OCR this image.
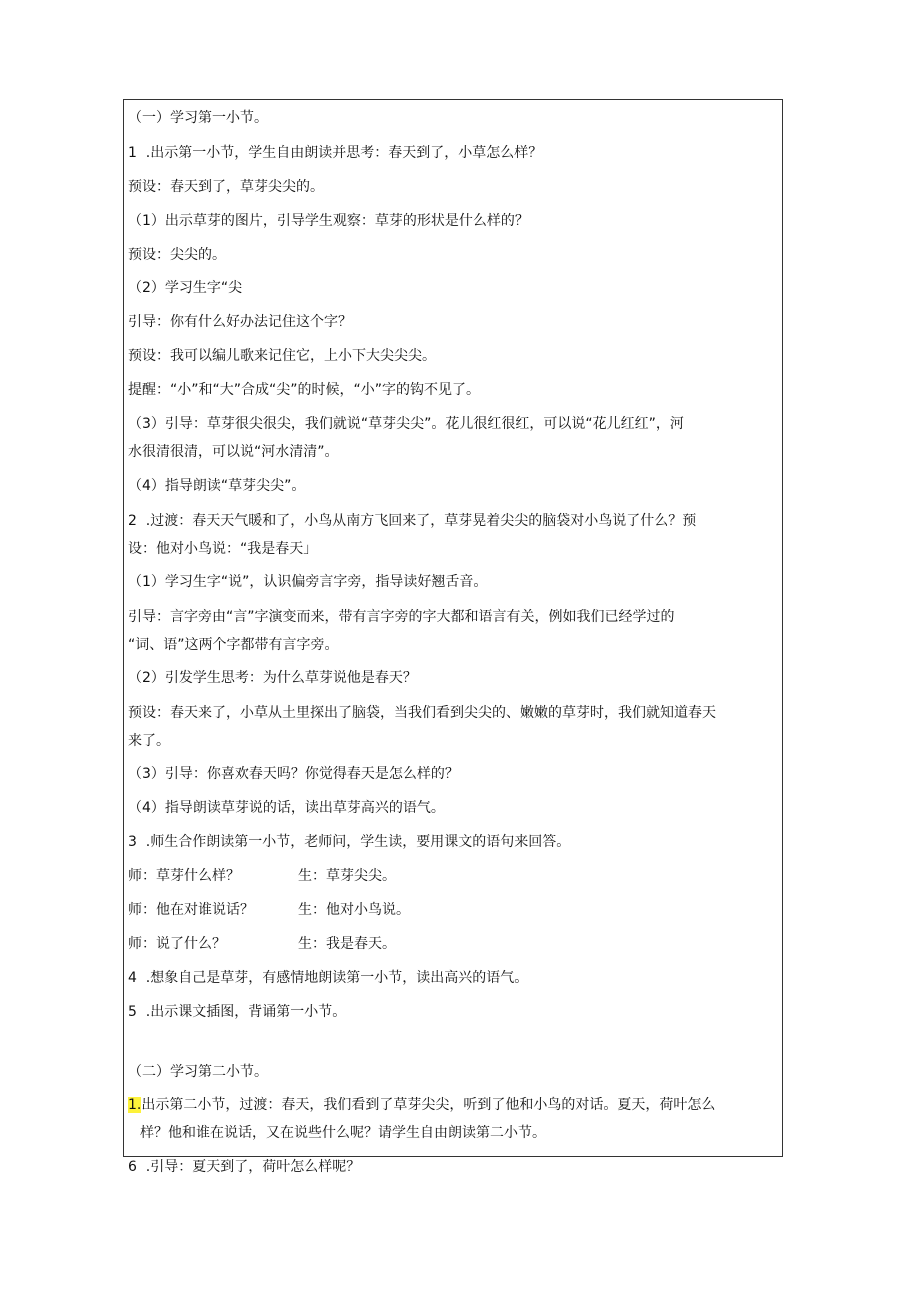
（一）学习第一小节。
1  .出示第一小节，学生自由朗读并思考：春天到了，小草怎么样？
预设：春天到了，草芽尖尖的。
（1）出示草芽的图片，引导学生观察：草芽的形状是什么样的？
预设：尖尖的。
（2）学习生字“尖
引导：你有什么好办法记住这个字？
预设：我可以编儿歌来记住它，上小下大尖尖尖。
提醒：“小”和“大”合成“尖”的时候，“小”字的钩不见了。
（3）引导：草芽很尖很尖，我们就说“草芽尖尖”。花儿很红很红，可以说“花儿红红”，河
水很清很清，可以说“河水清清”。
（4）指导朗读“草芽尖尖”。
2  .过渡：春天天气暖和了，小鸟从南方飞回来了，草芽晃着尖尖的脑袋对小鸟说了什么？预
设：他对小鸟说：“我是春天」
（1）学习生字“说”，认识偏旁言字旁，指导读好翘舌音。
引导：言字旁由“言”字演变而来，带有言字旁的字大都和语言有关，例如我们已经学过的
“词、语”这两个字都带有言字旁。
（2）引发学生思考：为什么草芽说他是春天？
预设：春天来了，小草从土里探出了脑袋，当我们看到尖尖的、嫩嫩的草芽时，我们就知道春天
来了。
（3）引导：你喜欢春天吗？你觉得春天是怎么样的？
（4）指导朗读草芽说的话，读出草芽高兴的语气。
3  .师生合作朗读第一小节，老师问，学生读，要用课文的语句来回答。
师：草芽什么样？	生：草芽尖尖。
师：他在对谁说话？	生：他对小鸟说。
师：说了什么？	生：我是春天。
4  .想象自己是草芽，有感情地朗读第一小节，读出高兴的语气。
5  .出示课文插图，背诵第一小节。
（二）学习第二小节。
1.出示第二小节，过渡：春天，我们看到了草芽尖尖，听到了他和小鸟的对话。夏天，荷叶怎么
样？他和谁在说话，又在说些什么呢？请学生自由朗读第二小节。
6  .引导：夏天到了，荷叶怎么样呢？
